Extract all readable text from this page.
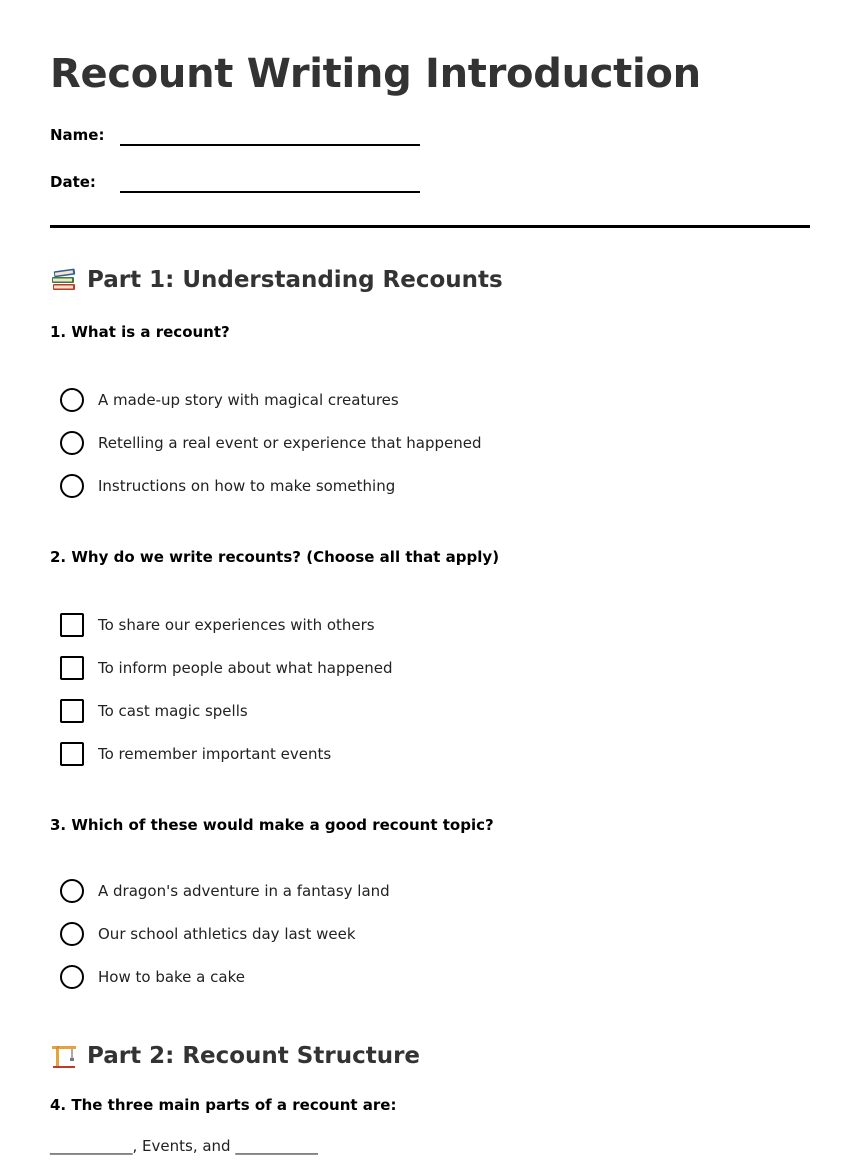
Recount Writing Introduction
Name:
Date:
Part 1: Understanding Recounts
1. What is a recount?
A made-up story with magical creatures
Retelling a real event or experience that happened
Instructions on how to make something
2. Why do we write recounts? (Choose all that apply)
To share our experiences with others
To inform people about what happened
To cast magic spells
To remember important events
3. Which of these would make a good recount topic?
A dragon's adventure in a fantasy land
Our school athletics day last week
How to bake a cake
Part 2: Recount Structure
4. The three main parts of a recount are:
___________, Events, and ___________
